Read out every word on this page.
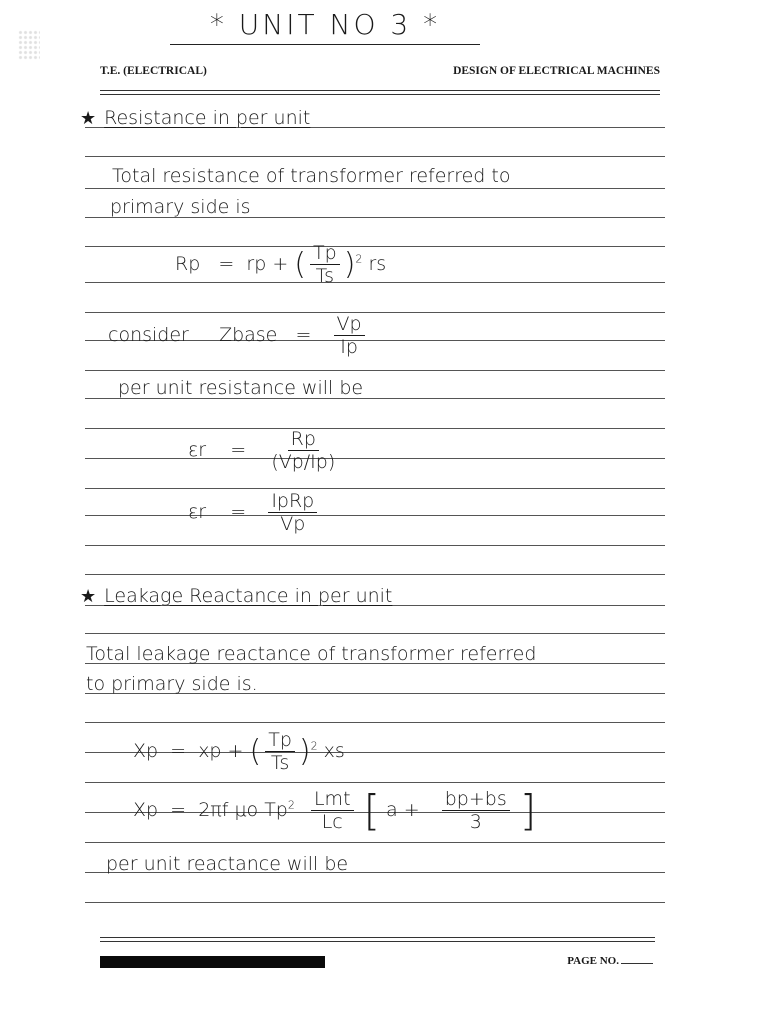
* UNIT NO 3 *
T.E. (ELECTRICAL)	DESIGN OF ELECTRICAL MACHINES
★ Resistance in per unit
Total resistance of transformer referred to
primary side is
Rp = rp + ( $\frac{Tp}{Ts} )^2$ rs
consider Zbase = $\frac{Vp}{Ip}$
per unit resistance will be
$\varepsilon r = \frac{Rp}{(Vp/Ip)}$
$\varepsilon r = \frac{\text{IpRp}}{Vp}$
★ Leakage Reactance in per unit
Total leakage reactance of transformer referred
to primary side is.
Xp = xp + ( $\frac{Tp}{Ts} )^2$ xs
Xp = 2πf μo $Tp^2 \frac{\text{Lmt}}{Lc}$ [ $a + \frac{bp+bs}{3}$ ]
per unit reactance will be
PAGE NO.
